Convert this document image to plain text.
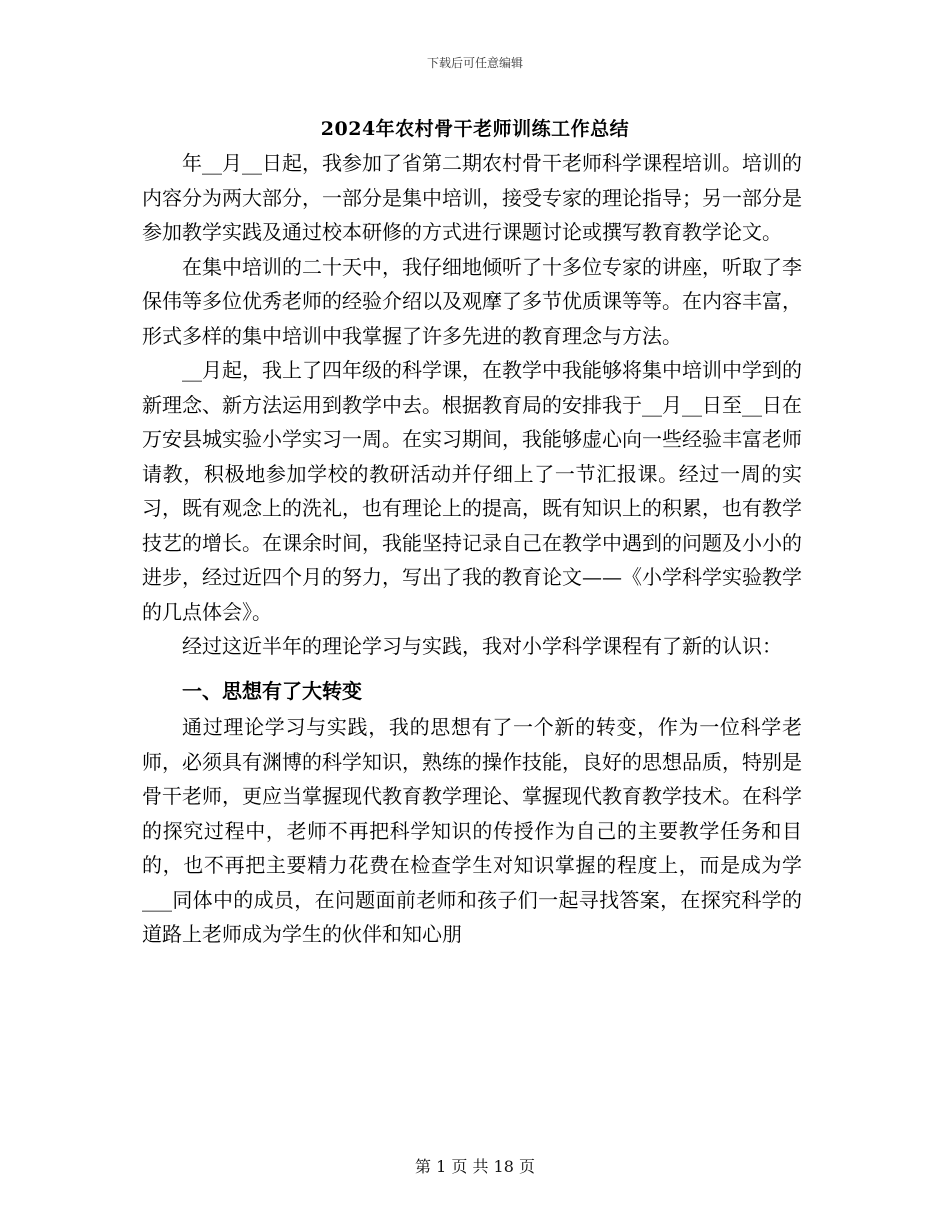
下载后可任意编辑
2024年农村骨干老师训练工作总结

年__月__日起，我参加了省第二期农村骨干老师科学课程培训。培训的内容分为两大部分，一部分是集中培训，接受专家的理论指导；另一部分是参加教学实践及通过校本研修的方式进行课题讨论或撰写教育教学论文。

在集中培训的二十天中，我仔细地倾听了十多位专家的讲座，听取了李保伟等多位优秀老师的经验介绍以及观摩了多节优质课等等。在内容丰富，形式多样的集中培训中我掌握了许多先进的教育理念与方法。

__月起，我上了四年级的科学课，在教学中我能够将集中培训中学到的新理念、新方法运用到教学中去。根据教育局的安排我于__月__日至__日在万安县城实验小学实习一周。在实习期间，我能够虚心向一些经验丰富老师请教，积极地参加学校的教研活动并仔细上了一节汇报课。经过一周的实习，既有观念上的洗礼，也有理论上的提高，既有知识上的积累，也有教学技艺的增长。在课余时间，我能坚持记录自己在教学中遇到的问题及小小的进步，经过近四个月的努力，写出了我的教育论文——《小学科学实验教学的几点体会》。

经过这近半年的理论学习与实践，我对小学科学课程有了新的认识：

一、思想有了大转变

通过理论学习与实践，我的思想有了一个新的转变，作为一位科学老师，必须具有渊博的科学知识，熟练的操作技能，良好的思想品质，特别是骨干老师，更应当掌握现代教育教学理论、掌握现代教育教学技术。在科学的探究过程中，老师不再把科学知识的传授作为自己的主要教学任务和目的，也不再把主要精力花费在检查学生对知识掌握的程度上，而是成为学___同体中的成员，在问题面前老师和孩子们一起寻找答案，在探究科学的道路上老师成为学生的伙伴和知心朋

第 1 页 共 18 页
